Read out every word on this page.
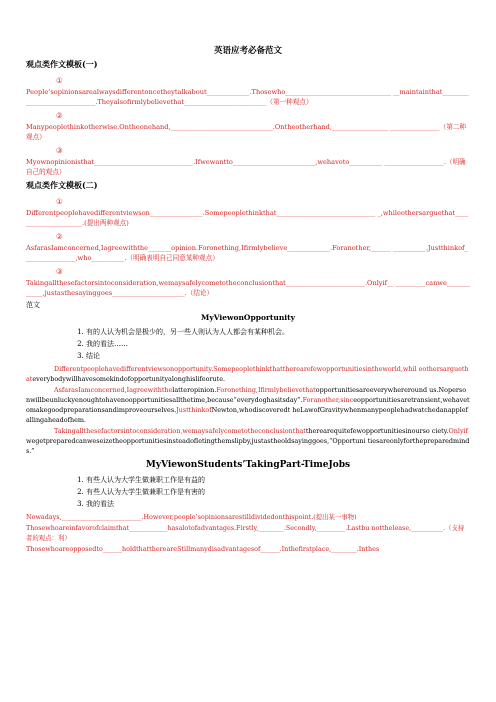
英语应考必备范文
观点类作文模板(一)
①
People’sopinionsarealwaysdifferentoncetheytalkabout_____________.Thosewho________________________________ __maintainthat_____________________________.Theyalsofirmlybelievethat_________________________（第一种观点）
②
Manypeoplethinkotherwise.Ontheonehand,_______________________________.Ontheotherhand,_________________ _______________（第二种观点）
③
Myownopinionisthat______________________________.Ifwewantto_________________________,wehaveto__________ __________________.（明确自己的观点）
观点类作文模板(二)
①
Differentpeoplehavedifferentviewson________________.Somepeoplethinkthat______________________________ _,whileothersarguethat_____________________.(提出两种观点)
②
AsfarasIamconcerned,Iagreewiththe_______opinion.Foronething,Ifirmlybelieve_____________.Foranother,______ __________.Justthinkof________________,who__________.（明确表明自己同意某种观点）
③
Takingallthesefactorsintoconsideration,wemaysafelycometotheconclusionthat________________________.Onlyif__ _________canwe____________,justasthesayinggoes______________________.（结论）
范文
MyViewonOpportunity
1. 有的人认为机会是极少的，另一些人则认为人人都会有某种机会。
2. 我的看法……
3. 结论

Differentpeoplehavedifferentviewsonopportunity.Somepeoplethinkthattherearefewopportunitiesintheworld,whil eothersarguethateverybodywillhavesomekindofopportunityalonghislifeorute.

AsfarasIamconcerned,Iagreewiththelatteropinion.Foronething,Ifirmlybelievethatopportunitiesareeverywhereround us.Nopersonwillbeunluckyenoughtohavenoopportunitiesallthetime,because“everydoghasitsday”.Foranother,sinceopportunitiesaretransient,wehavetomakegoodpreparationsandimproveourselves.JustthinkofNewton,whodiscoveredt heLawofGravitywhenmanypeoplehadwatchedanapplefallingaheadofhem.

Takingallthesefactorsintoconsideration,wemaysafelycometotheconclusionthattherearequitefewopportunitiesinourso ciety.Onlyifwegetpreparedcanweseizetheopportunitiesinsteadofletingthemslipby,justastheoldsayinggoes,“Opportuni tiesareonlyforthepreparedminds.”

MyViewonStudents’TakingPart-TimeJobs
1. 有些人认为大学生做兼职工作是有益的
2. 有些人认为大学生做兼职工作是有害的
3. 我的看法

Nowadays,_________________________.However,people’sopinionsarestilldividedonthispoint.(提出某一事物)

Thosewhoareinfavorofclaimthat____________hasalotofadvantages.Firstly,________.Secondly,_________.Lastbu notthelease,__________.（支持者的观点：利）

Thosewhoareopposedto______holdthatthereareStillmanydisadvantagesof______.Inthefirstplace,________.Inthes
